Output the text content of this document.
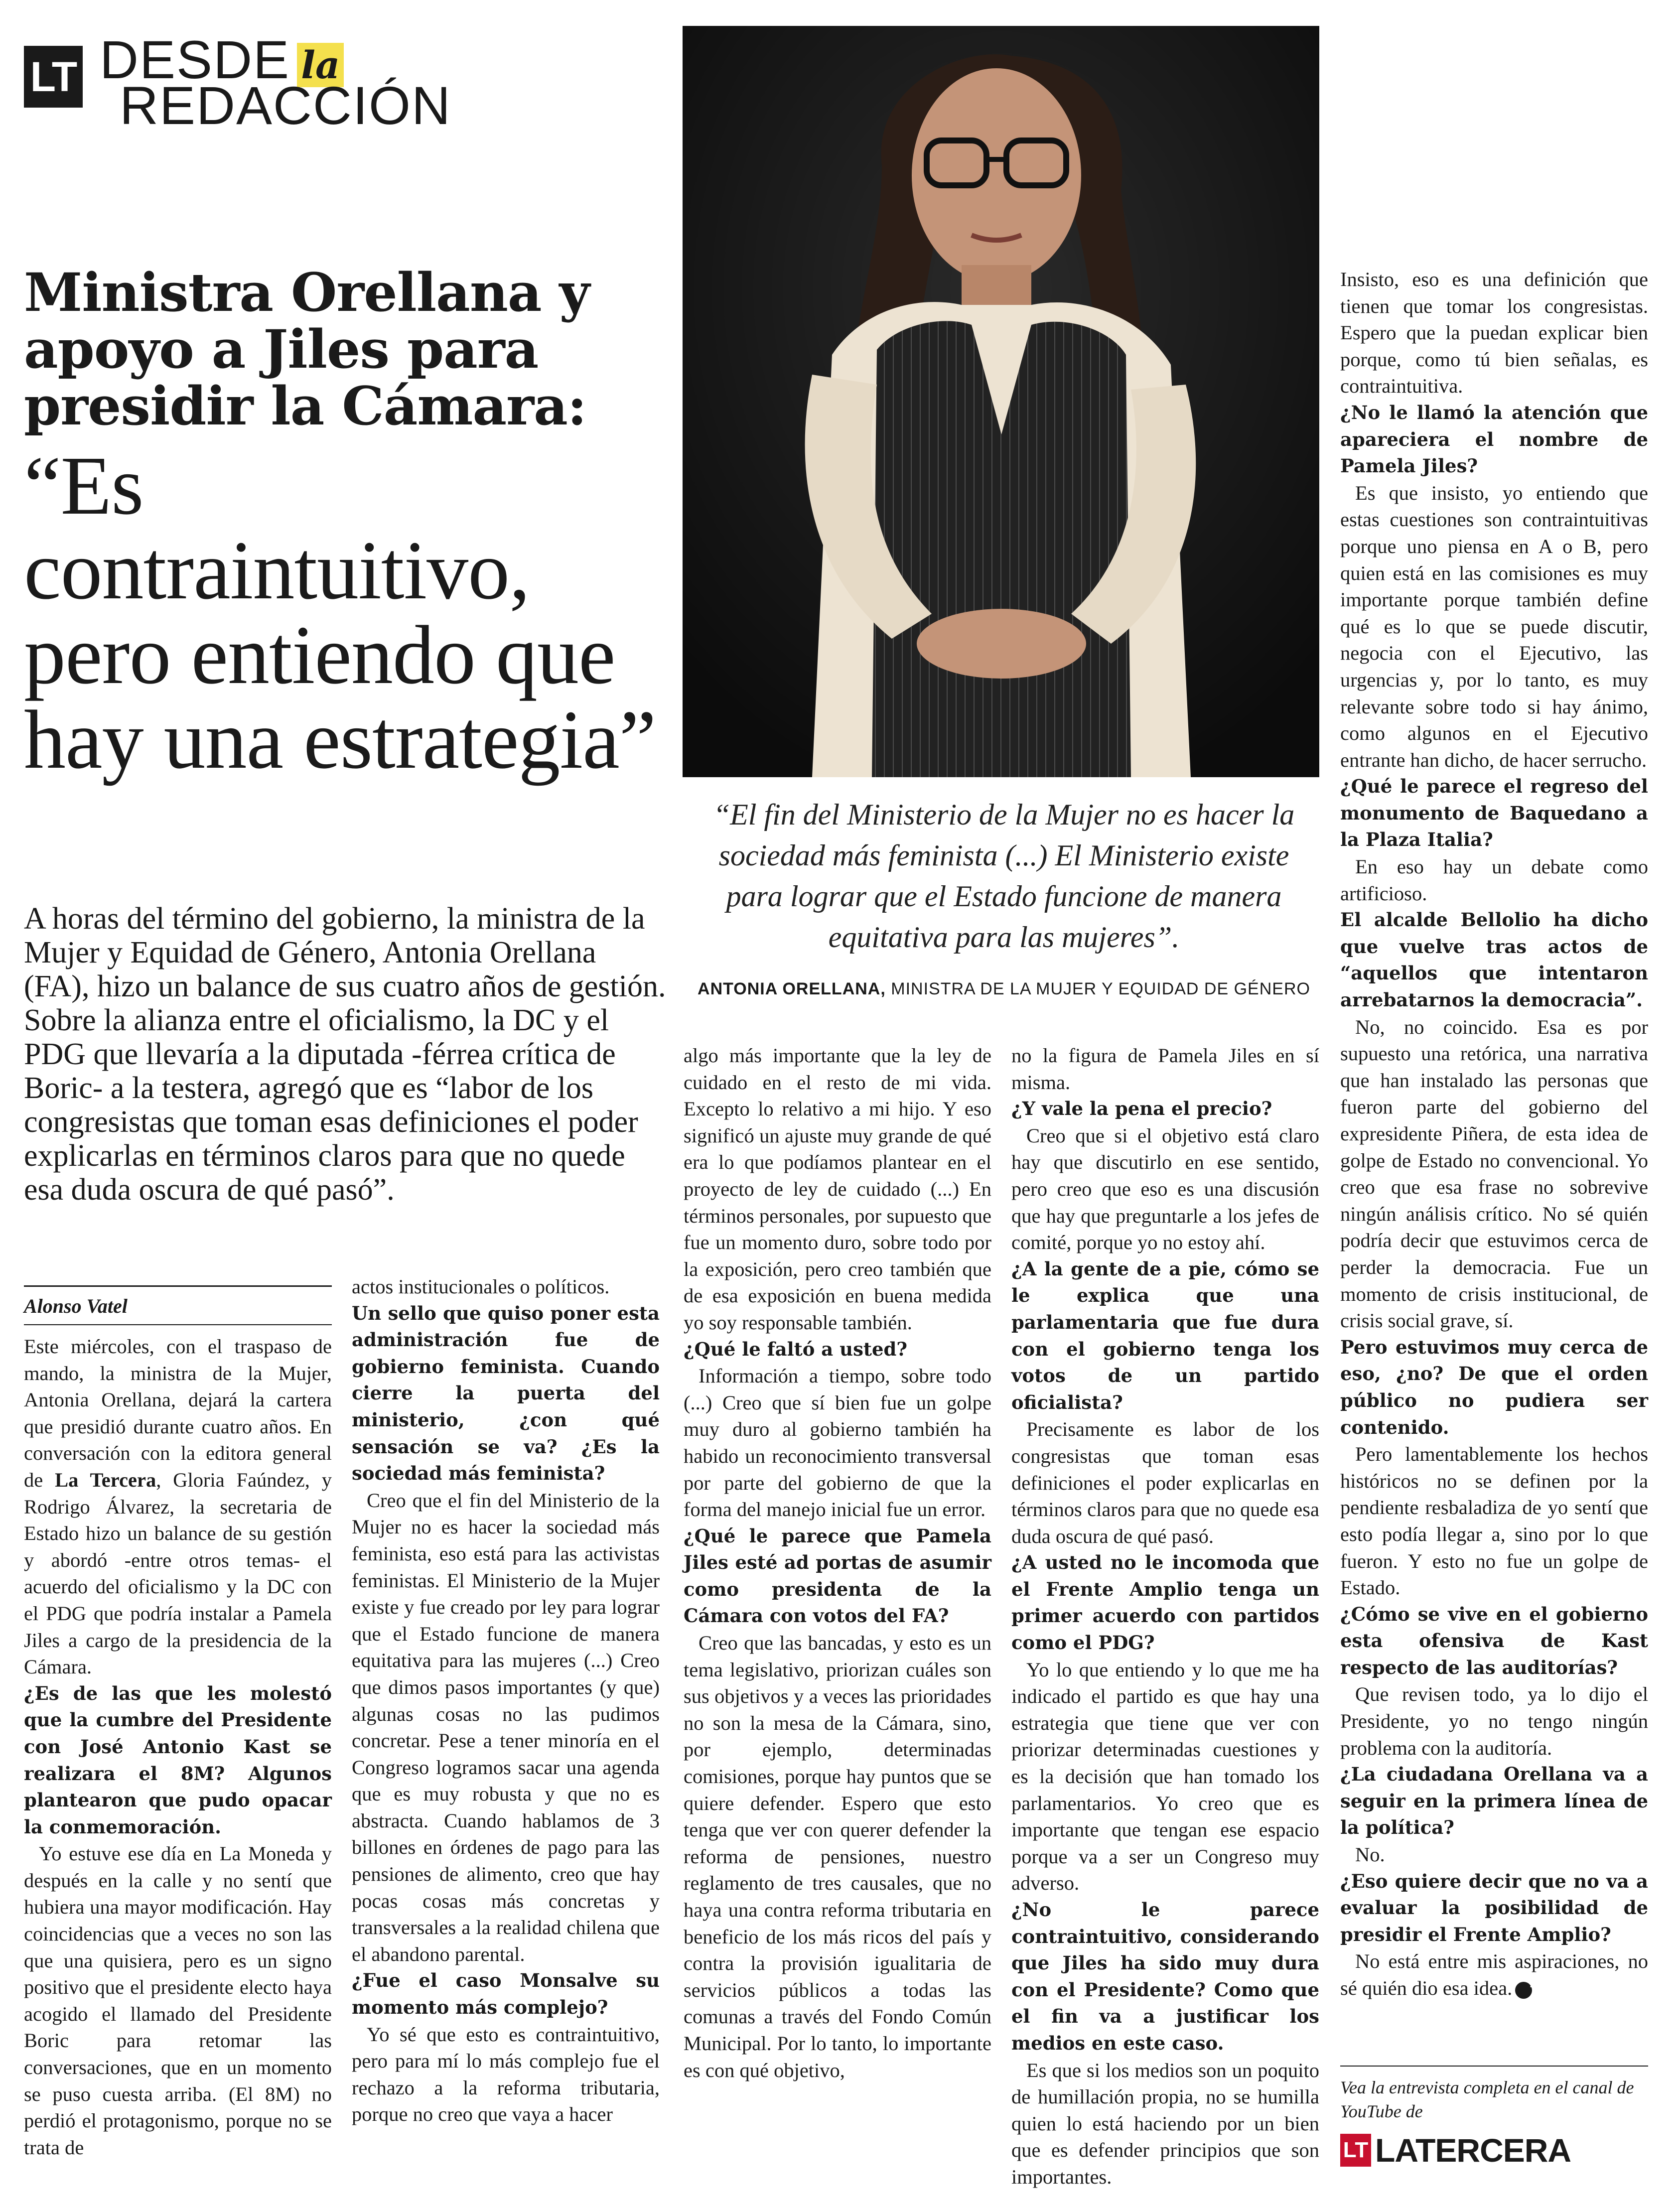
LT DESDE la
REDACCIÓN
Ministra Orellana y apoyo a Jiles para presidir la Cámara:
“Es contraintuitivo, pero entiendo que hay una estrategia”

A horas del término del gobierno, la ministra de la Mujer y Equidad de Género, Antonia Orellana (FA), hizo un balance de sus cuatro años de gestión. Sobre la alianza entre el oficialismo, la DC y el PDG que llevaría a la diputada -férrea crítica de Boric- a la testera, agregó que es “labor de los congresistas que toman esas definiciones el poder explicarlas en términos claros para que no quede esa duda oscura de qué pasó”.

“El fin del Ministerio de la Mujer no es hacer la sociedad más feminista (...) El Ministerio existe para lograr que el Estado funcione de manera equitativa para las mujeres”.

ANTONIA ORELLANA, MINISTRA DE LA MUJER Y EQUIDAD DE GÉNERO
Alonso Vatel

Este miércoles, con el traspaso de mando, la ministra de la Mujer, Antonia Orellana, dejará la cartera que presidió durante cuatro años. En conversación con la editora general de La Tercera, Gloria Faúndez, y Rodrigo Álvarez, la secretaria de Estado hizo un balance de su gestión y abordó -entre otros temas- el acuerdo del oficialismo y la DC con el PDG que podría instalar a Pamela Jiles a cargo de la presidencia de la Cámara.

¿Es de las que les molestó que la cumbre del Presidente con José Antonio Kast se realizara el 8M? Algunos plantearon que pudo opacar la conmemoración.

Yo estuve ese día en La Moneda y después en la calle y no sentí que hubiera una mayor modificación. Hay coincidencias que a veces no son las que una quisiera, pero es un signo positivo que el presidente electo haya acogido el llamado del Presidente Boric para retomar las conversaciones, que en un momento se puso cuesta arriba. (El 8M) no perdió el protagonismo, porque no se trata de

actos institucionales o políticos.

Un sello que quiso poner esta administración fue de gobierno feminista. Cuando cierre la puerta del ministerio, ¿con qué sensación se va? ¿Es la sociedad más feminista?

Creo que el fin del Ministerio de la Mujer no es hacer la sociedad más feminista, eso está para las activistas feministas. El Ministerio de la Mujer existe y fue creado por ley para lograr que el Estado funcione de manera equitativa para las mujeres (...) Creo que dimos pasos importantes (y que) algunas cosas no las pudimos concretar. Pese a tener minoría en el Congreso logramos sacar una agenda que es muy robusta y que no es abstracta. Cuando hablamos de 3 billones en órdenes de pago para las pensiones de alimento, creo que hay pocas cosas más concretas y transversales a la realidad chilena que el abandono parental.

¿Fue el caso Monsalve su momento más complejo?

Yo sé que esto es contraintuitivo, pero para mí lo más complejo fue el rechazo a la reforma tributaria, porque no creo que vaya a hacer

algo más importante que la ley de cuidado en el resto de mi vida. Excepto lo relativo a mi hijo. Y eso significó un ajuste muy grande de qué era lo que podíamos plantear en el proyecto de ley de cuidado (...) En términos personales, por supuesto que fue un momento duro, sobre todo por la exposición, pero creo también que de esa exposición en buena medida yo soy responsable también.

¿Qué le faltó a usted?

Información a tiempo, sobre todo (...) Creo que sí bien fue un golpe muy duro al gobierno también ha habido un reconocimiento transversal por parte del gobierno de que la forma del manejo inicial fue un error.

¿Qué le parece que Pamela Jiles esté ad portas de asumir como presidenta de la Cámara con votos del FA?

Creo que las bancadas, y esto es un tema legislativo, priorizan cuáles son sus objetivos y a veces las prioridades no son la mesa de la Cámara, sino, por ejemplo, determinadas comisiones, porque hay puntos que se quiere defender. Espero que esto tenga que ver con querer defender la reforma de pensiones, nuestro reglamento de tres causales, que no haya una contra reforma tributaria en beneficio de los más ricos del país y contra la provisión igualitaria de servicios públicos a todas las comunas a través del Fondo Común Municipal. Por lo tanto, lo importante es con qué objetivo,

no la figura de Pamela Jiles en sí misma.

¿Y vale la pena el precio?

Creo que si el objetivo está claro hay que discutirlo en ese sentido, pero creo que eso es una discusión que hay que preguntarle a los jefes de comité, porque yo no estoy ahí.

¿A la gente de a pie, cómo se le explica que una parlamentaria que fue dura con el gobierno tenga los votos de un partido oficialista?

Precisamente es labor de los congresistas que toman esas definiciones el poder explicarlas en términos claros para que no quede esa duda oscura de qué pasó.

¿A usted no le incomoda que el Frente Amplio tenga un primer acuerdo con partidos como el PDG?

Yo lo que entiendo y lo que me ha indicado el partido es que hay una estrategia que tiene que ver con priorizar determinadas cuestiones y es la decisión que han tomado los parlamentarios. Yo creo que es importante que tengan ese espacio porque va a ser un Congreso muy adverso.

¿No le parece contraintuitivo, considerando que Jiles ha sido muy dura con el Presidente? Como que el fin va a justificar los medios en este caso.

Es que si los medios son un poquito de humillación propia, no se humilla quien lo está haciendo por un bien que es defender principios que son importantes.

Insisto, eso es una definición que tienen que tomar los congresistas. Espero que la puedan explicar bien porque, como tú bien señalas, es contraintuitiva.

¿No le llamó la atención que apareciera el nombre de Pamela Jiles?

Es que insisto, yo entiendo que estas cuestiones son contraintuitivas porque uno piensa en A o B, pero quien está en las comisiones es muy importante porque también define qué es lo que se puede discutir, negocia con el Ejecutivo, las urgencias y, por lo tanto, es muy relevante sobre todo si hay ánimo, como algunos en el Ejecutivo entrante han dicho, de hacer serrucho.

¿Qué le parece el regreso del monumento de Baquedano a la Plaza Italia?

En eso hay un debate como artificioso.

El alcalde Bellolio ha dicho que vuelve tras actos de “aquellos que intentaron arrebatarnos la democracia”.

No, no coincido. Esa es por supuesto una retórica, una narrativa que han instalado las personas que fueron parte del gobierno del expresidente Piñera, de esta idea de golpe de Estado no convencional. Yo creo que esa frase no sobrevive ningún análisis crítico. No sé quién podría decir que estuvimos cerca de perder la democracia. Fue un momento de crisis institucional, de crisis social grave, sí.

Pero estuvimos muy cerca de eso, ¿no? De que el orden público no pudiera ser contenido.

Pero lamentablemente los hechos históricos no se definen por la pendiente resbaladiza de yo sentí que esto podía llegar a, sino por lo que fueron. Y esto no fue un golpe de Estado.

¿Cómo se vive en el gobierno esta ofensiva de Kast respecto de las auditorías?

Que revisen todo, ya lo dijo el Presidente, yo no tengo ningún problema con la auditoría.

¿La ciudadana Orellana va a seguir en la primera línea de la política?

No.

¿Eso quiere decir que no va a evaluar la posibilidad de presidir el Frente Amplio?

No está entre mis aspiraciones, no sé quién dio esa idea. T

Vea la entrevista completa en el canal de YouTube de

LT LATERCERA
